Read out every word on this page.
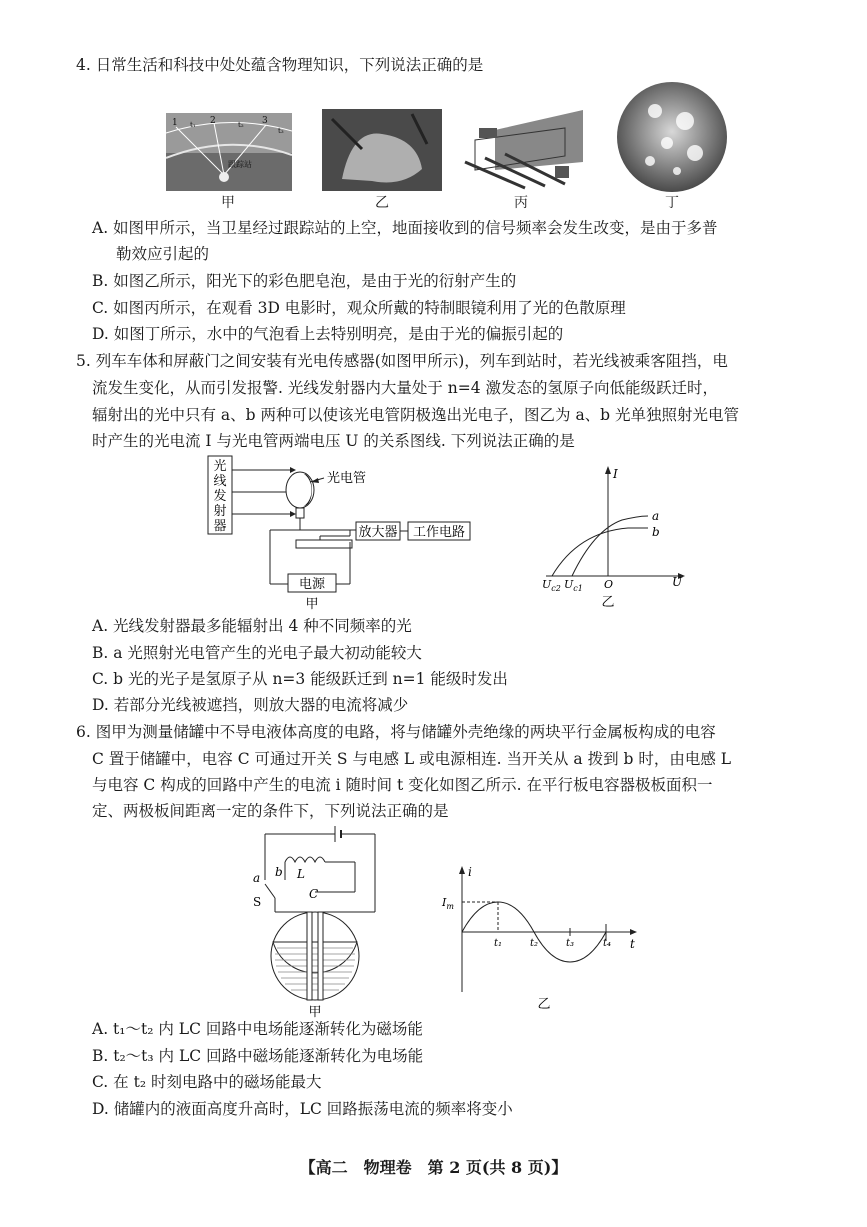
4. 日常生活和科技中处处蕴含物理知识，下列说法正确的是
1	2	3
t₁	t₂
t₃
跟踪站
甲	乙	丙	丁
A. 如图甲所示，当卫星经过跟踪站的上空，地面接收到的信号频率会发生改变，是由于多普
勒效应引起的
B. 如图乙所示，阳光下的彩色肥皂泡，是由于光的衍射产生的
C. 如图丙所示，在观看 3D 电影时，观众所戴的特制眼镜利用了光的色散原理
D. 如图丁所示，水中的气泡看上去特别明亮，是由于光的偏振引起的
5. 列车车体和屏蔽门之间安装有光电传感器(如图甲所示)，列车到站时，若光线被乘客阻挡，电
流发生变化，从而引发报警. 光线发射器内大量处于 n=4 激发态的氢原子向低能级跃迁时，
辐射出的光中只有 a、b 两种可以使该光电管阴极逸出光电子，图乙为 a、b 光单独照射光电管
时产生的光电流 I 与光电管两端电压 U 的关系图线. 下列说法正确的是
光
线
发
射
器
光电管
电源
放大器 工作电路
甲
I
U
O
$U_{c2}$ $U_{c1}$
a
b
乙
A. 光线发射器最多能辐射出 4 种不同频率的光
B. a 光照射光电管产生的光电子最大初动能较大
C. b 光的光子是氢原子从 n=3 能级跃迁到 n=1 能级时发出
D. 若部分光线被遮挡，则放大器的电流将减少
6. 图甲为测量储罐中不导电液体高度的电路，将与储罐外壳绝缘的两块平行金属板构成的电容
C 置于储罐中，电容 C 可通过开关 S 与电感 L 或电源相连. 当开关从 a 拨到 b 时，由电感 L
与电容 C 构成的回路中产生的电流 i 随时间 t 变化如图乙所示. 在平行板电容器极板面积一
定、两极板间距离一定的条件下，下列说法正确的是
a b L
S
C
甲
i
t
$I_m$
t₁	t₂	t₃	t₄
乙
A. t₁～t₂ 内 LC 回路中电场能逐渐转化为磁场能
B. t₂～t₃ 内 LC 回路中磁场能逐渐转化为电场能
C. 在 t₂ 时刻电路中的磁场能最大
D. 储罐内的液面高度升高时，LC 回路振荡电流的频率将变小
【高二　物理卷　第 2 页(共 8 页)】
